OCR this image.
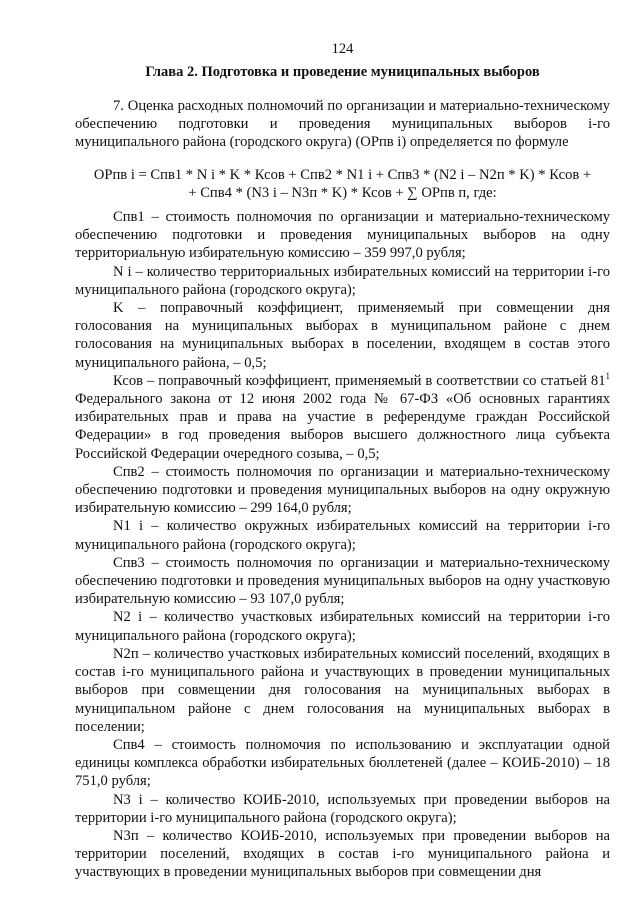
124
Глава 2. Подготовка и проведение муниципальных выборов

7. Оценка расходных полномочий по организации и материально-техническому обеспечению подготовки и проведения муниципальных выборов i-го муниципального района (городского округа) (ОРпв i) определяется по формуле

ОРпв i = Спв1 * N i * K * Ксов + Спв2 * N1 i + Спв3 * (N2 i – N2п * K) * Ксов +
+ Спв4 * (N3 i – N3п * K) * Ксов + ∑ ОРпв п, где:

Спв1 – стоимость полномочия по организации и материально-техническому обеспечению подготовки и проведения муниципальных выборов на одну территориальную избирательную комиссию – 359 997,0 рубля;

N i – количество территориальных избирательных комиссий на территории i-го муниципального района (городского округа);

K – поправочный коэффициент, применяемый при совмещении дня голосования на муниципальных выборах в муниципальном районе с днем голосования на муниципальных выборах в поселении, входящем в состав этого муниципального района, – 0,5;

Ксов – поправочный коэффициент, применяемый в соответствии со статьей $81^1$ Федерального закона от 12 июня 2002 года № 67-ФЗ «Об основных гарантиях избирательных прав и права на участие в референдуме граждан Российской Федерации» в год проведения выборов высшего должностного лица субъекта Российской Федерации очередного созыва, – 0,5;

Спв2 – стоимость полномочия по организации и материально-техническому обеспечению подготовки и проведения муниципальных выборов на одну окружную избирательную комиссию – 299 164,0 рубля;

N1 i – количество окружных избирательных комиссий на территории i-го муниципального района (городского округа);

Спв3 – стоимость полномочия по организации и материально-техническому обеспечению подготовки и проведения муниципальных выборов на одну участковую избирательную комиссию – 93 107,0 рубля;

N2 i – количество участковых избирательных комиссий на территории i-го муниципального района (городского округа);

N2п – количество участковых избирательных комиссий поселений, входящих в состав i-го муниципального района и участвующих в проведении муниципальных выборов при совмещении дня голосования на муниципальных выборах в муниципальном районе с днем голосования на муниципальных выборах в поселении;

Спв4 – стоимость полномочия по использованию и эксплуатации одной единицы комплекса обработки избирательных бюллетеней (далее – КОИБ-2010) – 18 751,0 рубля;

N3 i – количество КОИБ-2010, используемых при проведении выборов на территории i-го муниципального района (городского округа);

N3п – количество КОИБ-2010, используемых при проведении выборов на территории поселений, входящих в состав i-го муниципального района и участвующих в проведении муниципальных выборов при совмещении дня
